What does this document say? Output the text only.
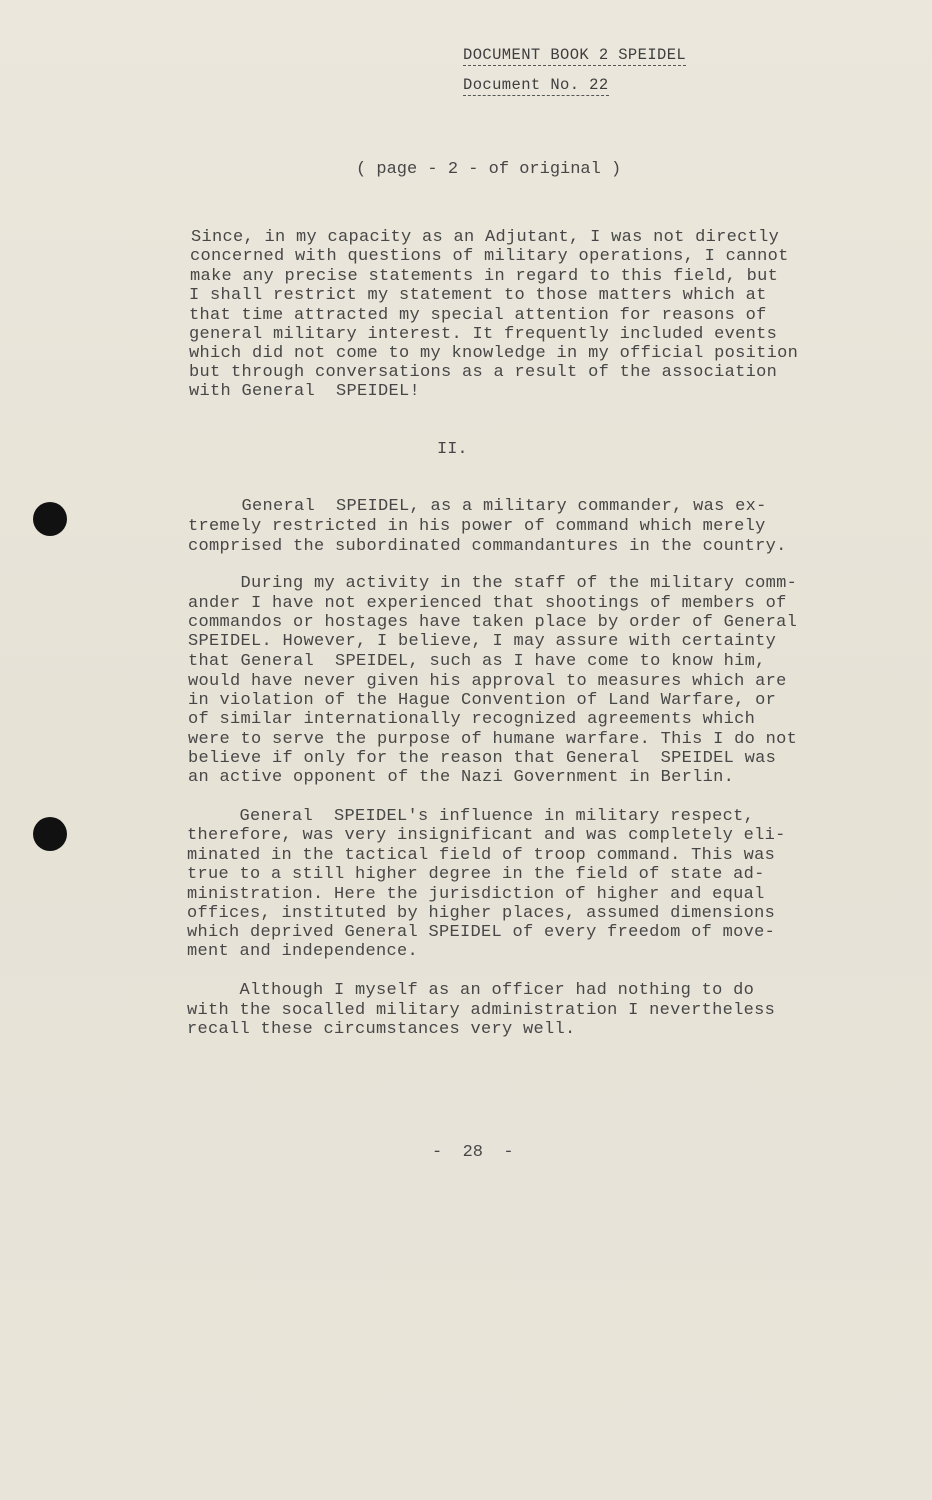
DOCUMENT BOOK 2 SPEIDEL
Document No. 22
( page - 2 - of original )
Since, in my capacity as an Adjutant, I was not directly
concerned with questions of military operations, I cannot
make any precise statements in regard to this field, but
I shall restrict my statement to those matters which at
that time attracted my special attention for reasons of
general military interest. It frequently included events
which did not come to my knowledge in my official position
but through conversations as a result of the association
with General  SPEIDEL!
II.
General  SPEIDEL, as a military commander, was ex-
tremely restricted in his power of command which merely
comprised the subordinated commandantures in the country.
During my activity in the staff of the military comm-
ander I have not experienced that shootings of members of
commandos or hostages have taken place by order of General
SPEIDEL. However, I believe, I may assure with certainty
that General  SPEIDEL, such as I have come to know him,
would have never given his approval to measures which are
in violation of the Hague Convention of Land Warfare, or
of similar internationally recognized agreements which
were to serve the purpose of humane warfare. This I do not
believe if only for the reason that General  SPEIDEL was
an active opponent of the Nazi Government in Berlin.
General  SPEIDEL's influence in military respect,
therefore, was very insignificant and was completely eli-
minated in the tactical field of troop command. This was
true to a still higher degree in the field of state ad-
ministration. Here the jurisdiction of higher and equal
offices, instituted by higher places, assumed dimensions
which deprived General SPEIDEL of every freedom of move-
ment and independence.
Although I myself as an officer had nothing to do
with the socalled military administration I nevertheless
recall these circumstances very well.
-  28  -
